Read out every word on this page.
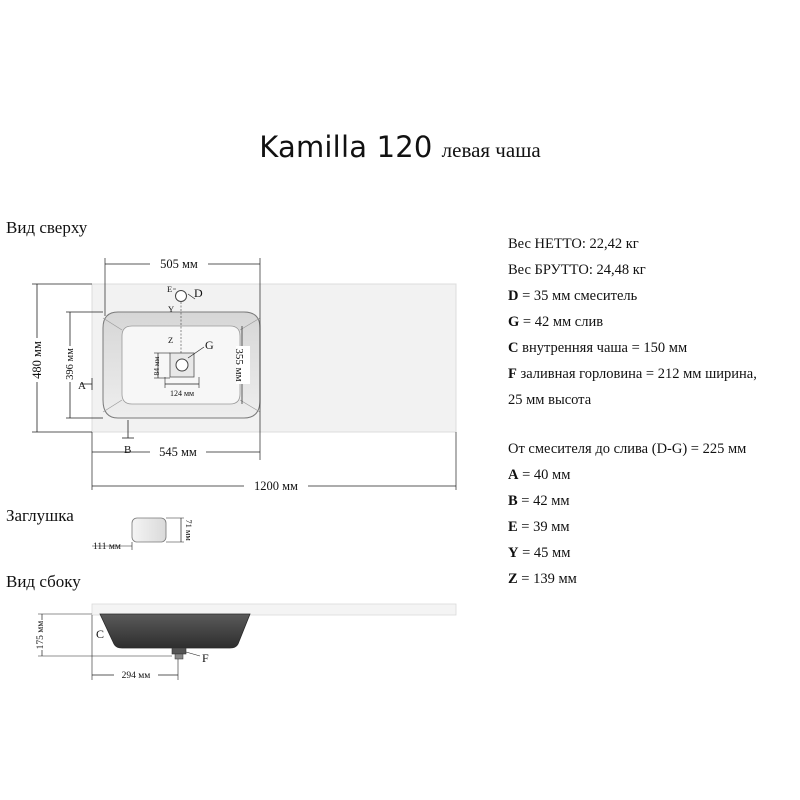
Kamilla 120 левая чаша
Вид сверху
Заглушка
Вид сбоку
505 мм
480 мм 396 мм
A
355 мм
84 мм
124 мм
E D
Y
Z	G
545 мм
B
1200 мм
71 мм
111 мм
C
F
175 мм
294 мм
Вес НЕТТО: 22,42 кг
Вес БРУТТО: 24,48 кг
D = 35 мм смеситель
G = 42 мм слив
C внутренняя чаша = 150 мм
F заливная горловина = 212 мм ширина,
25 мм высота
От смесителя до слива (D-G) = 225 мм
A = 40 мм
B = 42 мм
E = 39 мм
Y = 45 мм
Z = 139 мм
